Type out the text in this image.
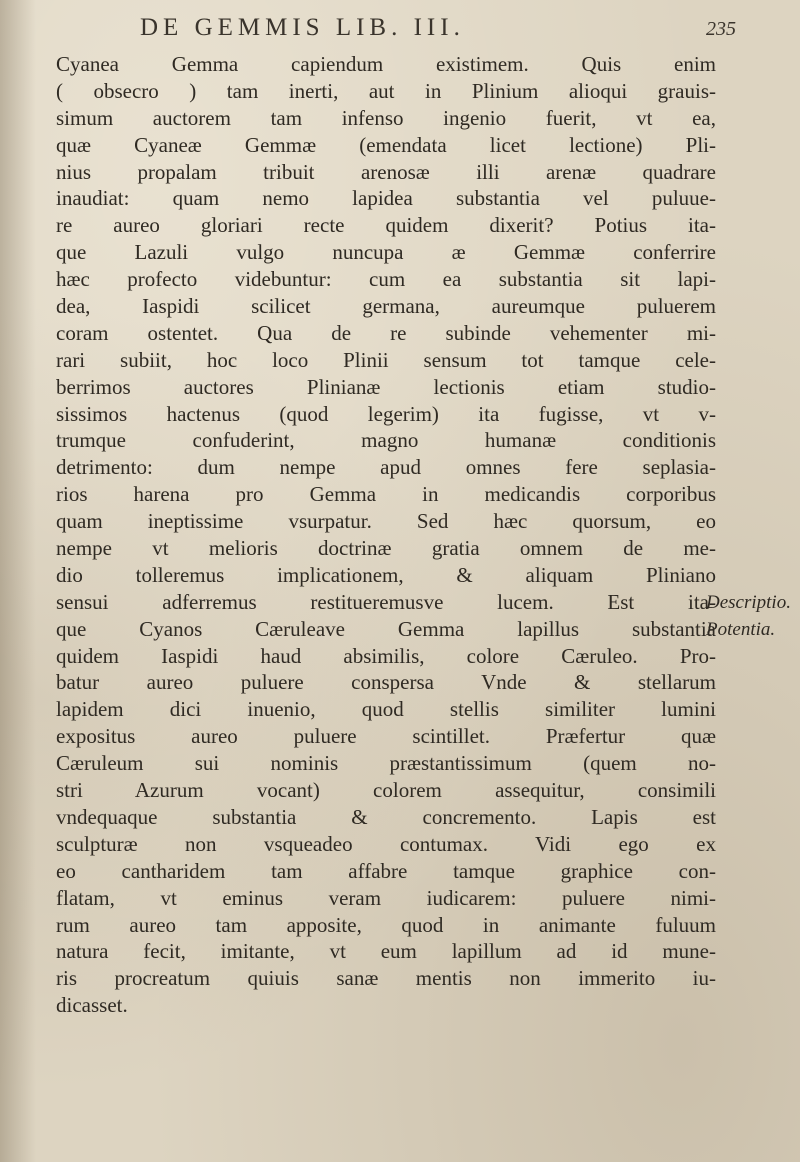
DE GEMMIS LIB. III.	235
Cyanea Gemma capiendum existimem. Quis enim
( obsecro ) tam inerti, aut in Plinium alioqui grauis-
simum auctorem tam infenso ingenio fuerit, vt ea,
quæ Cyaneæ Gemmæ (emendata licet lectione) Pli-
nius propalam tribuit arenosæ illi arenæ quadrare
inaudiat: quam nemo lapidea substantia vel puluue-
re aureo gloriari recte quidem dixerit? Potius ita-
que Lazuli vulgo nuncupa æ Gemmæ conferrire
hæc profecto videbuntur: cum ea substantia sit lapi-
dea, Iaspidi scilicet germana, aureumque puluerem
coram ostentet. Qua de re subinde vehementer mi-
rari subiit, hoc loco Plinii sensum tot tamque cele-
berrimos auctores Plinianæ lectionis etiam studio-
sissimos hactenus (quod legerim) ita fugisse, vt v-
trumque confuderint, magno humanæ conditionis
detrimento: dum nempe apud omnes fere seplasia-
rios harena pro Gemma in medicandis corporibus
quam ineptissime vsurpatur. Sed hæc quorsum, eo
nempe vt melioris doctrinæ gratia omnem de me-
dio tolleremus implicationem, & aliquam Pliniano
sensui adferremus restitueremusve lucem. Est ita-
que Cyanos Cæruleave Gemma lapillus substantia
quidem Iaspidi haud absimilis, colore Cæruleo. Pro-
batur aureo puluere conspersa Vnde & stellarum
lapidem dici inuenio, quod stellis similiter lumini
expositus aureo puluere scintillet. Præfertur quæ
Cæruleum sui nominis præstantissimum (quem no-
stri Azurum vocant) colorem assequitur, consimili
vndequaque substantia & concremento. Lapis est
sculpturæ non vsqueadeo contumax. Vidi ego ex
eo cantharidem tam affabre tamque graphice con-
flatam, vt eminus veram iudicarem: puluere nimi-
rum aureo tam apposite, quod in animante fuluum
natura fecit, imitante, vt eum lapillum ad id mune-
ris procreatum quiuis sanæ mentis non immerito iu-
dicasset.
Descriptio.
Potentia.
